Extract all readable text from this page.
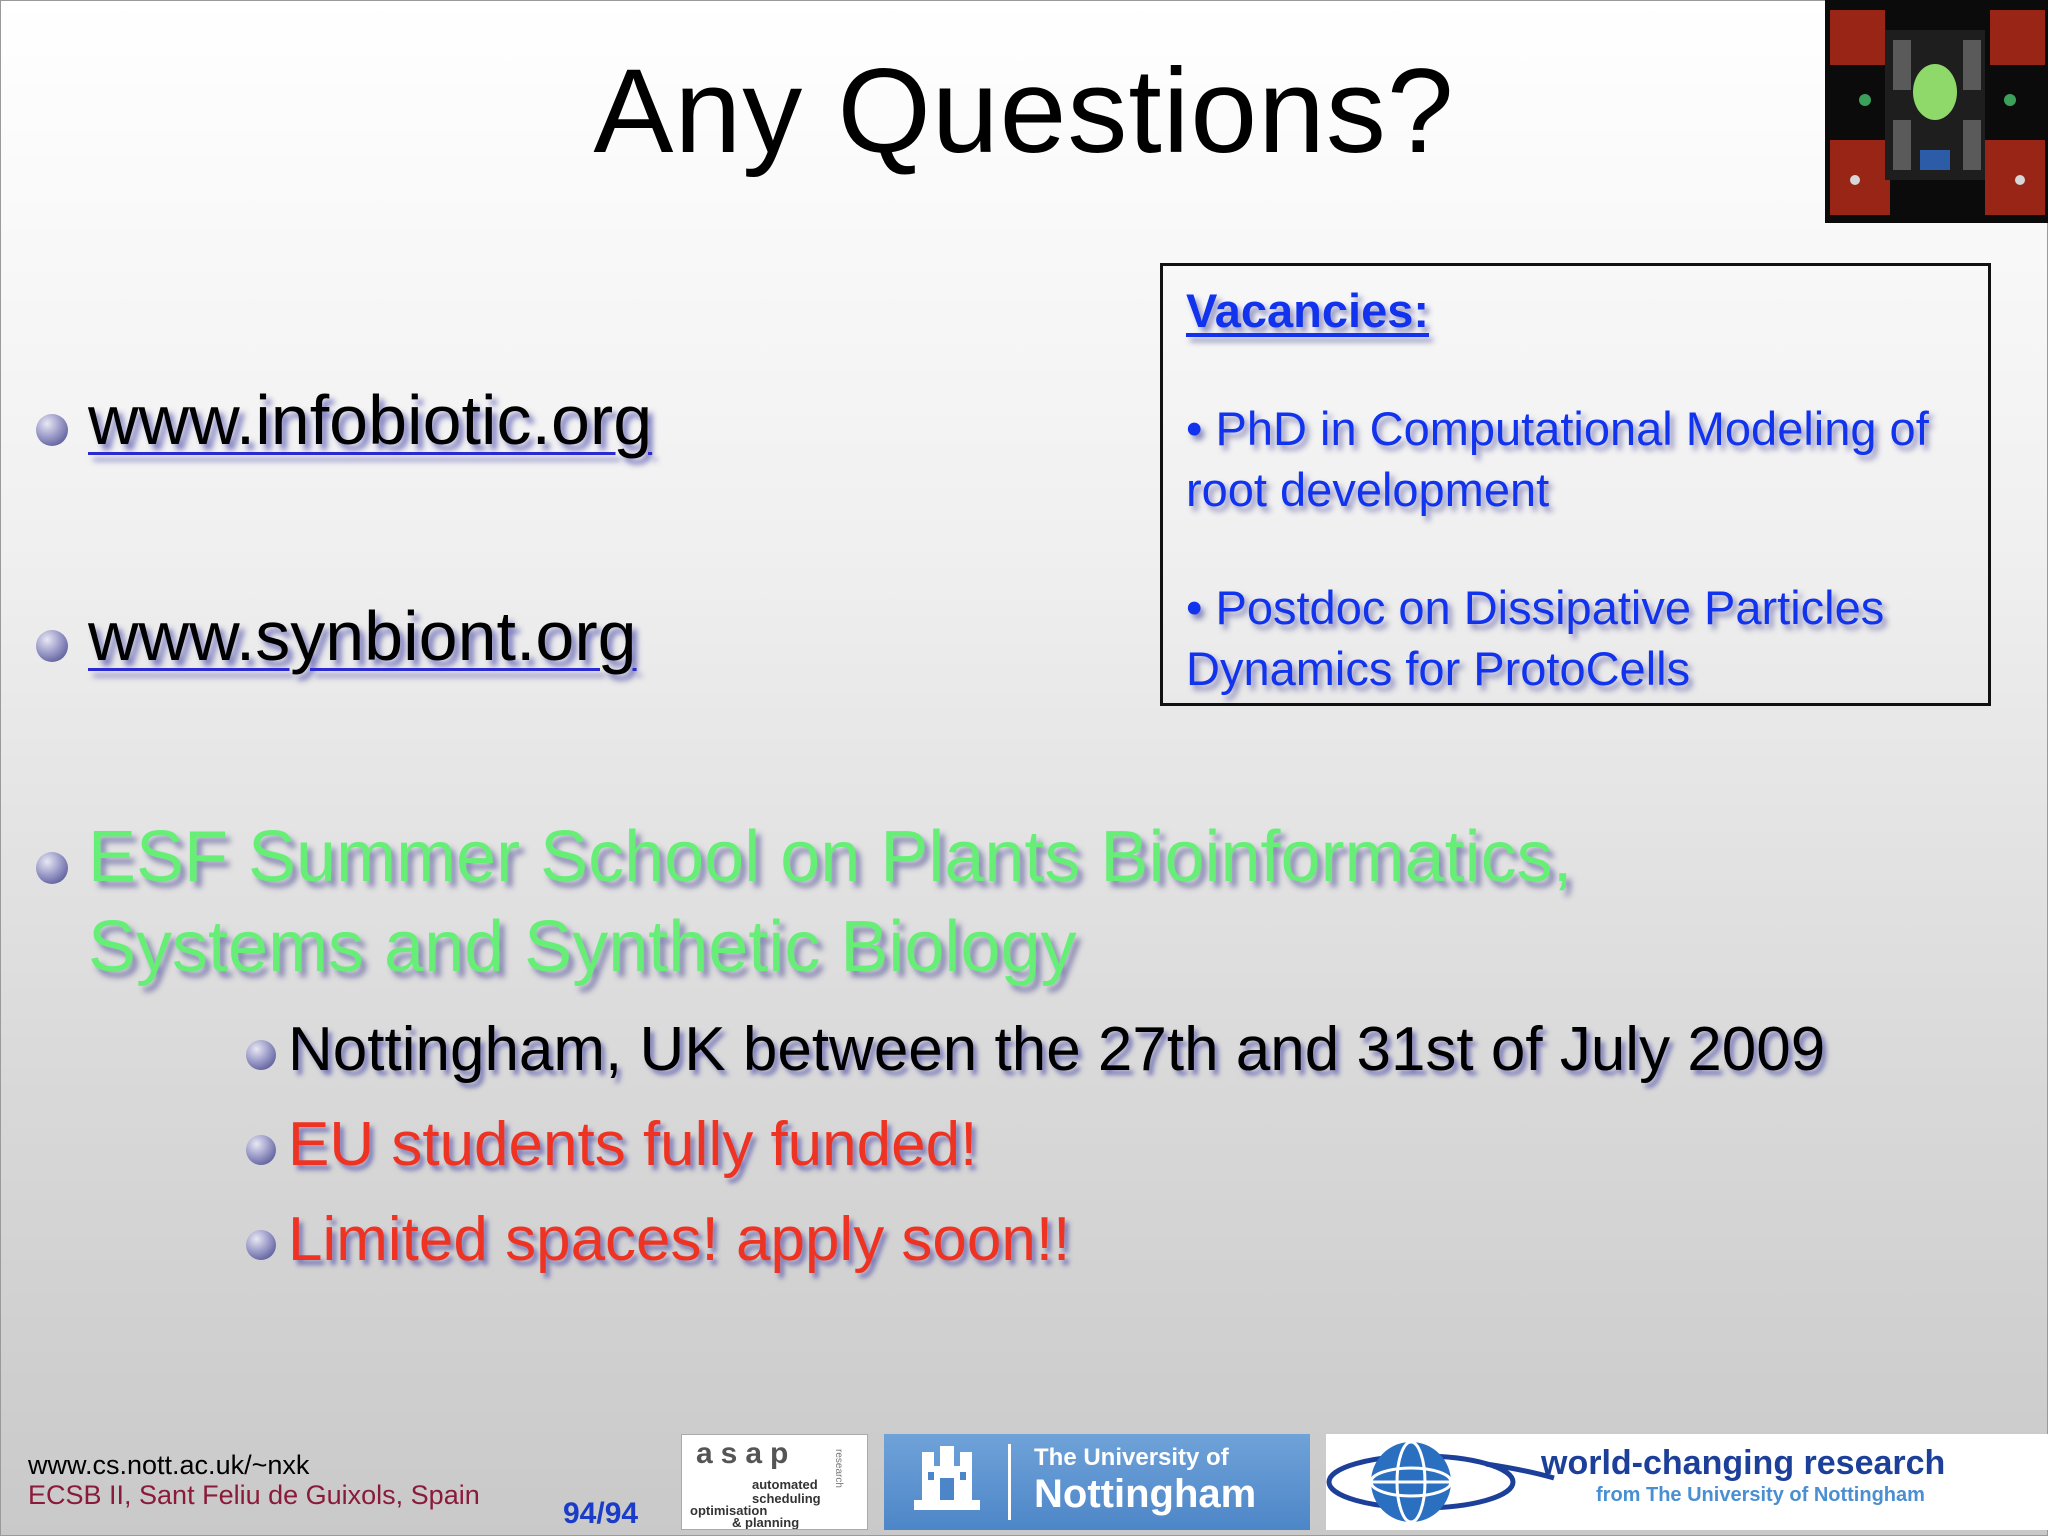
Any Questions?
www.infobiotic.org
www.synbiont.org
ESF Summer School on Plants Bioinformatics, Systems and Synthetic Biology
Nottingham, UK between the 27th and 31st of July 2009
EU students fully funded!
Limited spaces! apply soon!!
Vacancies:
• PhD in Computational Modeling of root development
• Postdoc on Dissipative Particles Dynamics for ProtoCells
www.cs.nott.ac.uk/~nxk
ECSB II, Sant Feliu de Guixols, Spain
94/94
asap
automated
scheduling
optimisation
& planning
research	The University of
Nottingham
world-changing research
from The University of Nottingham
